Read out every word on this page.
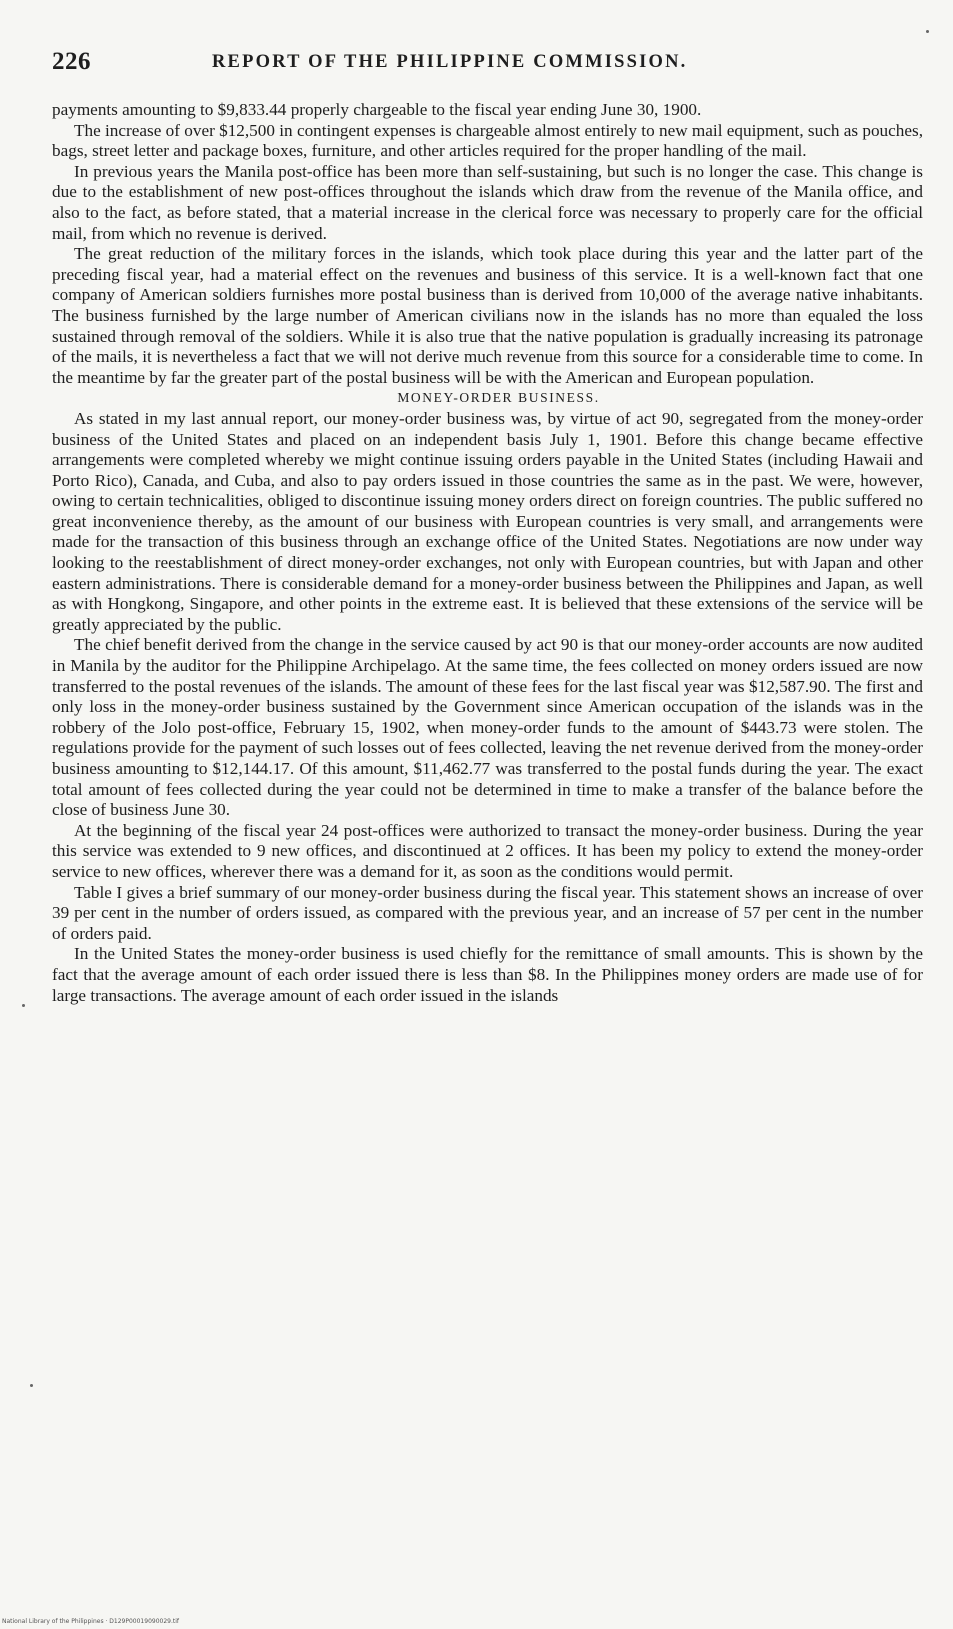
226	REPORT OF THE PHILIPPINE COMMISSION.

payments amounting to $9,833.44 properly chargeable to the fiscal year ending June 30, 1900.

The increase of over $12,500 in contingent expenses is chargeable almost entirely to new mail equipment, such as pouches, bags, street letter and package boxes, furniture, and other articles required for the proper handling of the mail.

In previous years the Manila post-office has been more than self-sustaining, but such is no longer the case. This change is due to the establishment of new post-offices throughout the islands which draw from the revenue of the Manila office, and also to the fact, as before stated, that a material increase in the clerical force was necessary to properly care for the official mail, from which no revenue is derived.

The great reduction of the military forces in the islands, which took place during this year and the latter part of the preceding fiscal year, had a material effect on the revenues and business of this service. It is a well-known fact that one company of American soldiers furnishes more postal business than is derived from 10,000 of the average native inhabitants. The business furnished by the large number of American civilians now in the islands has no more than equaled the loss sustained through removal of the soldiers. While it is also true that the native population is gradually increasing its patronage of the mails, it is nevertheless a fact that we will not derive much revenue from this source for a considerable time to come. In the meantime by far the greater part of the postal business will be with the American and European population.

MONEY-ORDER BUSINESS.

As stated in my last annual report, our money-order business was, by virtue of act 90, segregated from the money-order business of the United States and placed on an independent basis July 1, 1901. Before this change became effective arrangements were completed whereby we might continue issuing orders payable in the United States (including Hawaii and Porto Rico), Canada, and Cuba, and also to pay orders issued in those countries the same as in the past. We were, however, owing to certain technicalities, obliged to discontinue issuing money orders direct on foreign countries. The public suffered no great inconvenience thereby, as the amount of our business with European countries is very small, and arrangements were made for the transaction of this business through an exchange office of the United States. Negotiations are now under way looking to the reestablishment of direct money-order exchanges, not only with European countries, but with Japan and other eastern administrations. There is considerable demand for a money-order business between the Philippines and Japan, as well as with Hongkong, Singapore, and other points in the extreme east. It is believed that these extensions of the service will be greatly appreciated by the public.

The chief benefit derived from the change in the service caused by act 90 is that our money-order accounts are now audited in Manila by the auditor for the Philippine Archipelago. At the same time, the fees collected on money orders issued are now transferred to the postal revenues of the islands. The amount of these fees for the last fiscal year was $12,587.90. The first and only loss in the money-order business sustained by the Government since American occupation of the islands was in the robbery of the Jolo post-office, February 15, 1902, when money-order funds to the amount of $443.73 were stolen. The regulations provide for the payment of such losses out of fees collected, leaving the net revenue derived from the money-order business amounting to $12,144.17. Of this amount, $11,462.77 was transferred to the postal funds during the year. The exact total amount of fees collected during the year could not be determined in time to make a transfer of the balance before the close of business June 30.

At the beginning of the fiscal year 24 post-offices were authorized to transact the money-order business. During the year this service was extended to 9 new offices, and discontinued at 2 offices. It has been my policy to extend the money-order service to new offices, wherever there was a demand for it, as soon as the conditions would permit.

Table I gives a brief summary of our money-order business during the fiscal year. This statement shows an increase of over 39 per cent in the number of orders issued, as compared with the previous year, and an increase of 57 per cent in the number of orders paid.

In the United States the money-order business is used chiefly for the remittance of small amounts. This is shown by the fact that the average amount of each order issued there is less than $8. In the Philippines money orders are made use of for large transactions. The average amount of each order issued in the islands

National Library of the Philippines · D129P00019090029.tif
